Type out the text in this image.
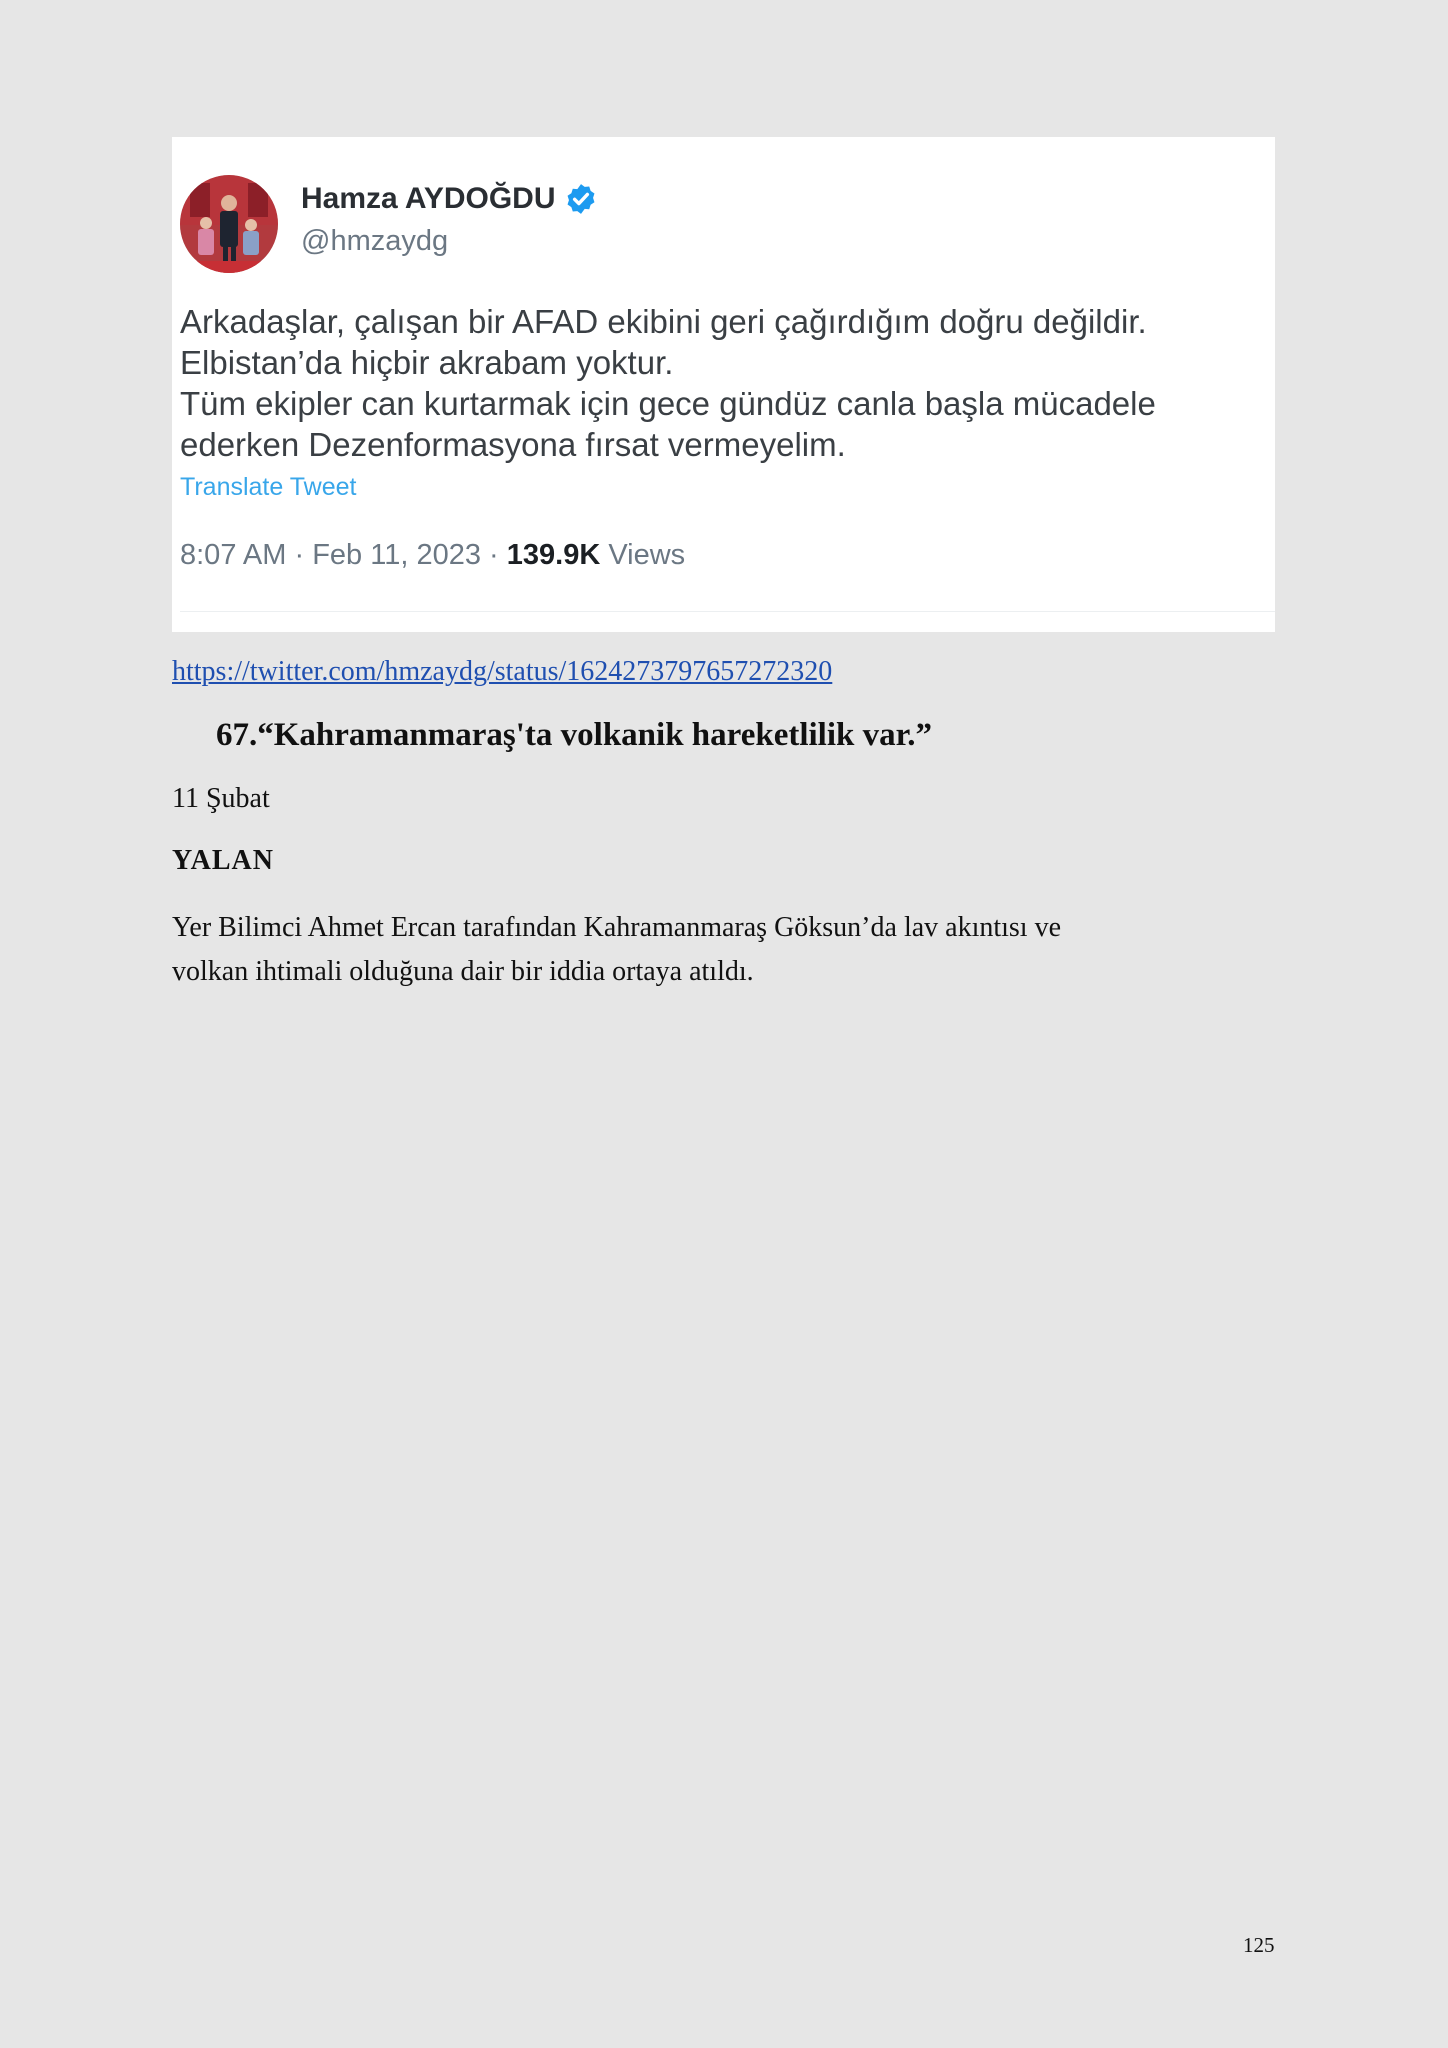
Hamza AYDOĞDU
@hmzaydg
Arkadaşlar, çalışan bir AFAD ekibini geri çağırdığım doğru değildir.
Elbistan’da hiçbir akrabam yoktur.
Tüm ekipler can kurtarmak için gece gündüz canla başla mücadele
ederken Dezenformasyona fırsat vermeyelim.
Translate Tweet
8:07 AM · Feb 11, 2023 · 139.9K Views
https://twitter.com/hmzaydg/status/1624273797657272320
67.“Kahramanmaraş'ta volkanik hareketlilik var.”
11 Şubat
YALAN
Yer Bilimci Ahmet Ercan tarafından Kahramanmaraş Göksun’da lav akıntısı ve
volkan ihtimali olduğuna dair bir iddia ortaya atıldı.
125
